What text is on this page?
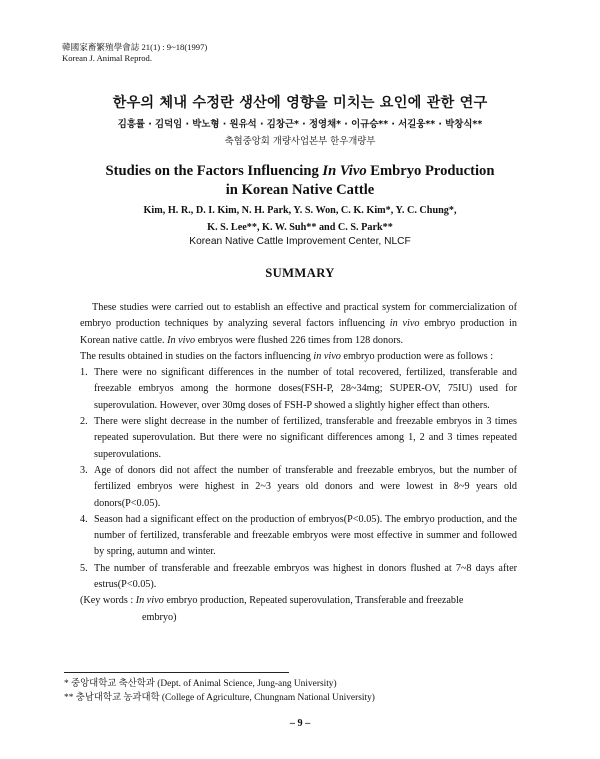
韓國家畜繁殖學會誌 21(1) : 9~18(1997)
Korean J. Animal Reprod.
한우의 체내 수정란 생산에 영향을 미치는 요인에 관한 연구
김흥률 · 김덕임 · 박노형 · 원유석 · 김창근* · 정영채* · 이규승** · 서길웅** · 박창식**
축협중앙회 개량사업본부 한우개량부
Studies on the Factors Influencing In Vivo Embryo Production
in Korean Native Cattle
Kim, H. R., D. I. Kim, N. H. Park, Y. S. Won, C. K. Kim*, Y. C. Chung*,
K. S. Lee**, K. W. Suh** and C. S. Park**
Korean Native Cattle Improvement Center, NLCF
SUMMARY

These studies were carried out to establish an effective and practical system for commercialization of embryo production techniques by analyzing several factors influencing in vivo embryo production in Korean native cattle. In vivo embryos were flushed 226 times from 128 donors.

The results obtained in studies on the factors influencing in vivo embryo production were as follows :

1. There were no significant differences in the number of total recovered, fertilized, transferable and freezable embryos among the hormone doses(FSH-P, 28~34mg; SUPER-OV, 75IU) used for superovulation. However, over 30mg doses of FSH-P showed a slightly higher effect than others.
2. There were slight decrease in the number of fertilized, transferable and freezable embryos in 3 times repeated superovulation. But there were no significant differences among 1, 2 and 3 times repeated superovulations.
3. Age of donors did not affect the number of transferable and freezable embryos, but the number of fertilized embryos were highest in 2~3 years old donors and were lowest in 8~9 years old donors(P<0.05).
4. Season had a significant effect on the production of embryos(P<0.05). The embryo production, and the number of fertilized, transferable and freezable embryos were most effective in summer and followed by spring, autumn and winter.
5. The number of transferable and freezable embryos was highest in donors flushed at 7~8 days after estrus(P<0.05).

(Key words : In vivo embryo production, Repeated superovulation, Transferable and freezable
embryo)

* 중앙대학교 축산학과 (Dept. of Animal Science, Jung-ang University)
** 충남대학교 농과대학 (College of Agriculture, Chungnam National University)
– 9 –
